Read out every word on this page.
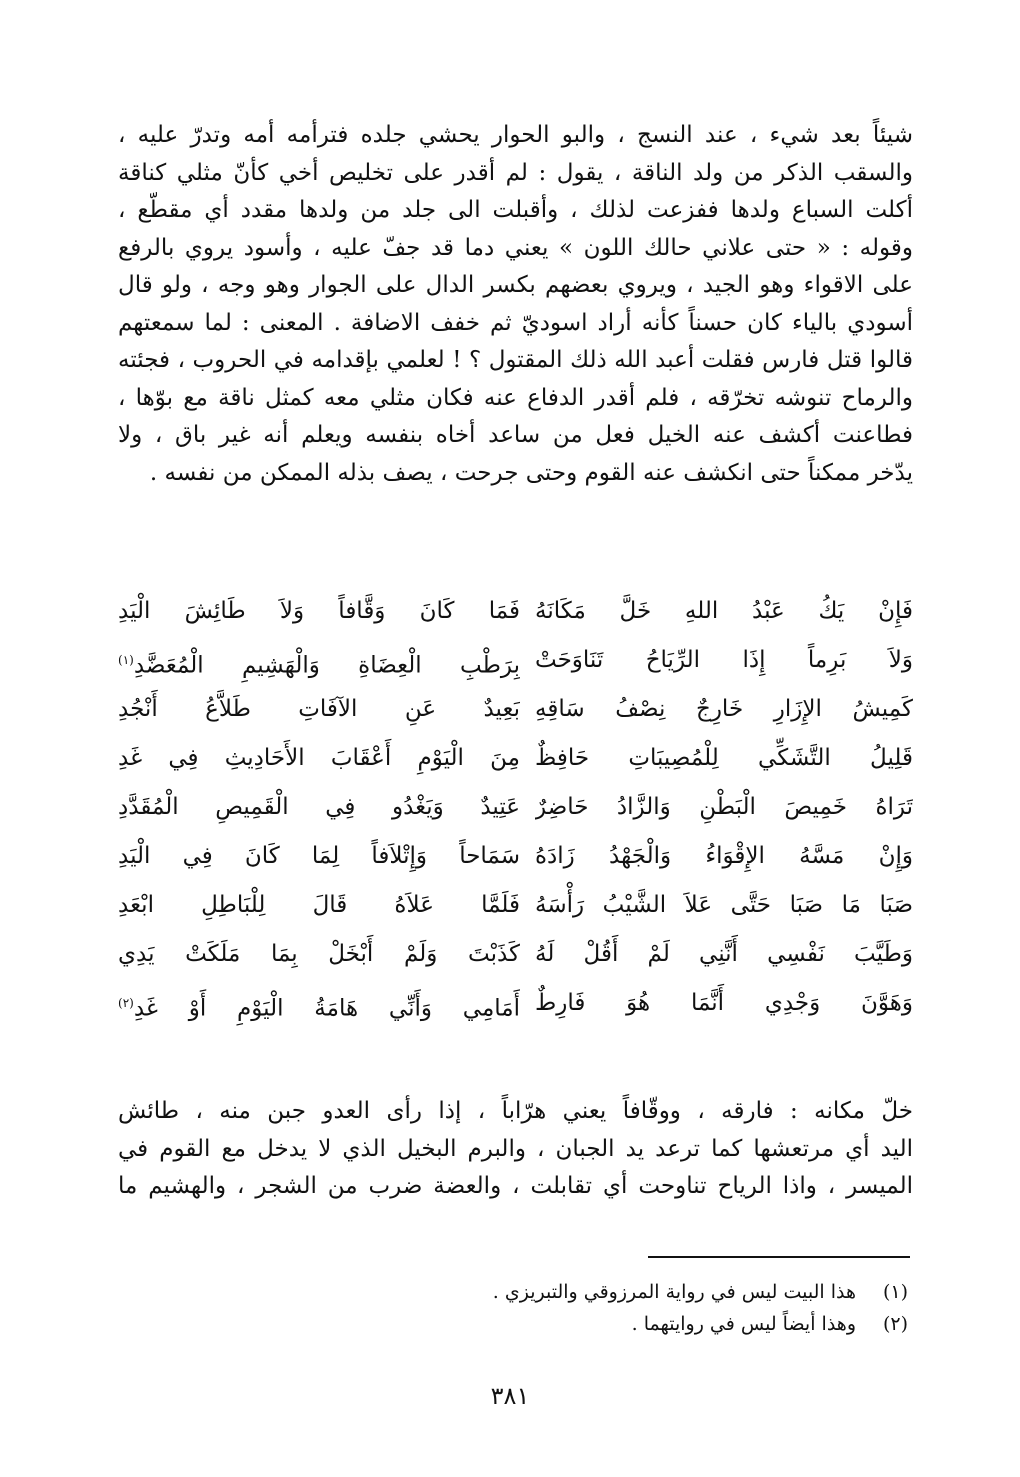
شيئاً بعد شيء ، عند النسج ، والبو الحوار يحشي جلده فترأمه أمه وتدرّ عليه ،
والسقب الذكر من ولد الناقة ، يقول : لم أقدر على تخليص أخي كأنّ مثلي كناقة
أكلت السباع ولدها ففزعت لذلك ، وأقبلت الى جلد من ولدها مقدد أي مقطّع ،
وقوله : « حتى علاني حالك اللون » يعني دما قد جفّ عليه ، وأسود يروي بالرفع
على الاقواء وهو الجيد ، ويروي بعضهم بكسر الدال على الجوار وهو وجه ، ولو قال
أسودي بالياء كان حسناً كأنه أراد اسوديّ ثم خفف الاضافة . المعنى : لما سمعتهم
قالوا قتل فارس فقلت أعبد الله ذلك المقتول ؟ ! لعلمي بإقدامه في الحروب ، فجئته
والرماح تنوشه تخرّقه ، فلم أقدر الدفاع عنه فكان مثلي معه كمثل ناقة مع بوّها ،
فطاعنت أكشف عنه الخيل فعل من ساعد أخاه بنفسه ويعلم أنه غير باق ، ولا
يدّخر ممكناً حتى انكشف عنه القوم وحتى جرحت ، يصف بذله الممكن من نفسه .
فَإِنْ يَكُ عَبْدُ اللهِ خَلَّ مَكَانَهُ
فَمَا كَانَ وَقَّافاً وَلاَ طَائِشَ الْيَدِ
وَلاَ بَرِماً إِذَا الرِّيَاحُ تَنَاوَحَتْ
بِرَطْبِ الْعِضَاةِ وَالْهَشِيمِ الْمُعَضَّدِ$^{(١)}$
كَمِيشُ الإِزَارِ خَارِجٌ نِصْفُ سَاقِهِ
بَعِيدٌ عَنِ الآفَاتِ طَلاَّعُ أَنْجُدِ
قَلِيلُ التَّشَكِّي لِلْمُصِيبَاتِ حَافِظٌ
مِنَ الْيَوْمِ أَعْقَابَ الأَحَادِيثِ فِي غَدِ
تَرَاهُ خَمِيصَ الْبَطْنِ وَالزَّادُ حَاضِرٌ
عَتِيدٌ وَيَغْدُو فِي الْقَمِيصِ الْمُقَدَّدِ
وَإِنْ مَسَّهُ الإِقْوَاءُ وَالْجَهْدُ زَادَهُ
سَمَاحاً وَإِتْلاَفاً لِمَا كَانَ فِي الْيَدِ
صَبَا مَا صَبَا حَتَّى عَلاَ الشَّيْبُ رَأْسَهُ
فَلَمَّا عَلاَهُ قَالَ لِلْبَاطِلِ ابْعَدِ
وَطَيَّبَ نَفْسِي أَنَّنِي لَمْ أَقُلْ لَهُ
كَذَبْتَ وَلَمْ أَبْخَلْ بِمَا مَلَكَتْ يَدِي
وَهَوَّنَ وَجْدِي أَنَّمَا هُوَ فَارِطٌ
أَمَامِي وَأَنِّي هَامَةُ الْيَوْمِ أَوْ غَدِ$^{(٢)}$
خلّ مكانه : فارقه ، ووقّافاً يعني هرّاباً ، إذا رأى العدو جبن منه ، طائش
اليد أي مرتعشها كما ترعد يد الجبان ، والبرم البخيل الذي لا يدخل مع القوم في
الميسر ، واذا الرياح تناوحت أي تقابلت ، والعضة ضرب من الشجر ، والهشيم ما
(١)هذا البيت ليس في رواية المرزوقي والتبريزي .
(٢)وهذا أيضاً ليس في روايتهما .
٣٨١
